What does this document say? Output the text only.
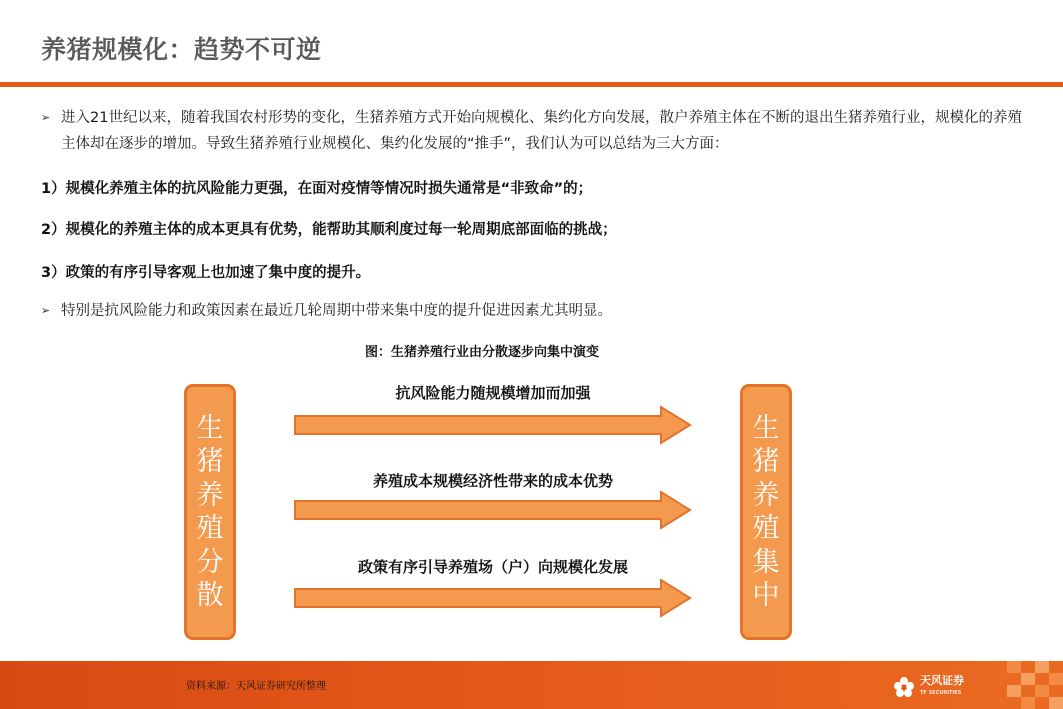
养猪规模化：趋势不可逆
➢ 进入21世纪以来，随着我国农村形势的变化，生猪养殖方式开始向规模化、集约化方向发展，散户养殖主体在不断的退出生猪养殖行业，规模化的养殖主体却在逐步的增加。导致生猪养殖行业规模化、集约化发展的“推手”，我们认为可以总结为三大方面：
1）规模化养殖主体的抗风险能力更强，在面对疫情等情况时损失通常是“非致命”的；
2）规模化的养殖主体的成本更具有优势，能帮助其顺利度过每一轮周期底部面临的挑战；
3）政策的有序引导客观上也加速了集中度的提升。
➢ 特别是抗风险能力和政策因素在最近几轮周期中带来集中度的提升促进因素尤其明显。
图：生猪养殖行业由分散逐步向集中演变
生猪养殖分散
生猪养殖集中
抗风险能力随规模增加而加强
养殖成本规模经济性带来的成本优势
政策有序引导养殖场（户）向规模化发展
资料来源：天风证券研究所整理	天风证券
TF SECURITIES
